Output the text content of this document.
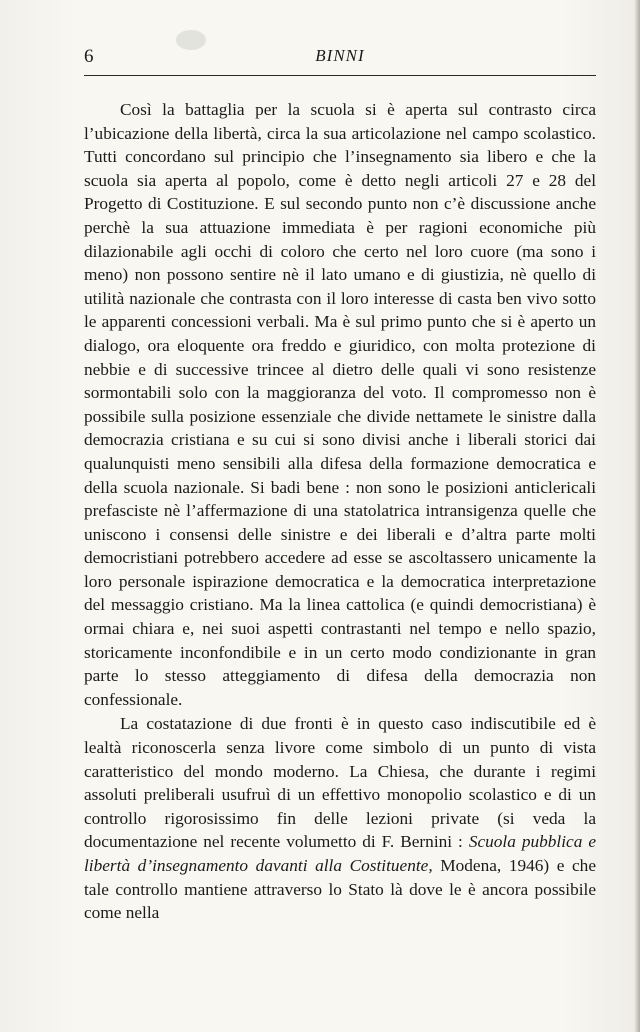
6	BINNI

Così la battaglia per la scuola si è aperta sul contrasto circa l’ubicazione della libertà, circa la sua articolazione nel campo scolastico. Tutti concordano sul principio che l’insegnamento sia libero e che la scuola sia aperta al popolo, come è detto negli articoli 27 e 28 del Progetto di Costituzione. E sul secondo punto non c’è discussione anche perchè la sua attuazione immediata è per ragioni economiche più dilazionabile agli occhi di coloro che certo nel loro cuore (ma sono i meno) non possono sentire nè il lato umano e di giustizia, nè quello di utilità nazionale che contrasta con il loro interesse di casta ben vivo sotto le apparenti concessioni verbali. Ma è sul primo punto che si è aperto un dialogo, ora eloquente ora freddo e giuridico, con molta protezione di nebbie e di successive trincee al dietro delle quali vi sono resistenze sormontabili solo con la maggioranza del voto. Il compromesso non è possibile sulla posizione essenziale che divide nettamete le sinistre dalla democrazia cristiana e su cui si sono divisi anche i liberali storici dai qualunquisti meno sensibili alla difesa della formazione democratica e della scuola nazionale. Si badi bene : non sono le posizioni anticlericali prefasciste nè l’affermazione di una statolatrica intransigenza quelle che uniscono i consensi delle sinistre e dei liberali e d’altra parte molti democristiani potrebbero accedere ad esse se ascoltassero unicamente la loro personale ispirazione democratica e la democratica interpretazione del messaggio cristiano. Ma la linea cattolica (e quindi democristiana) è ormai chiara e, nei suoi aspetti contrastanti nel tempo e nello spazio, storicamente inconfondibile e in un certo modo condizionante in gran parte lo stesso atteggiamento di difesa della democrazia non confessionale.

La costatazione di due fronti è in questo caso indiscutibile ed è lealtà riconoscerla senza livore come simbolo di un punto di vista caratteristico del mondo moderno. La Chiesa, che durante i regimi assoluti preliberali usufruì di un effettivo monopolio scolastico e di un controllo rigorosissimo fin delle lezioni private (si veda la documentazione nel recente volumetto di F. Bernini : Scuola pubblica e libertà d’insegnamento davanti alla Costituente, Modena, 1946) e che tale controllo mantiene attraverso lo Stato là dove le è ancora possibile come nella
